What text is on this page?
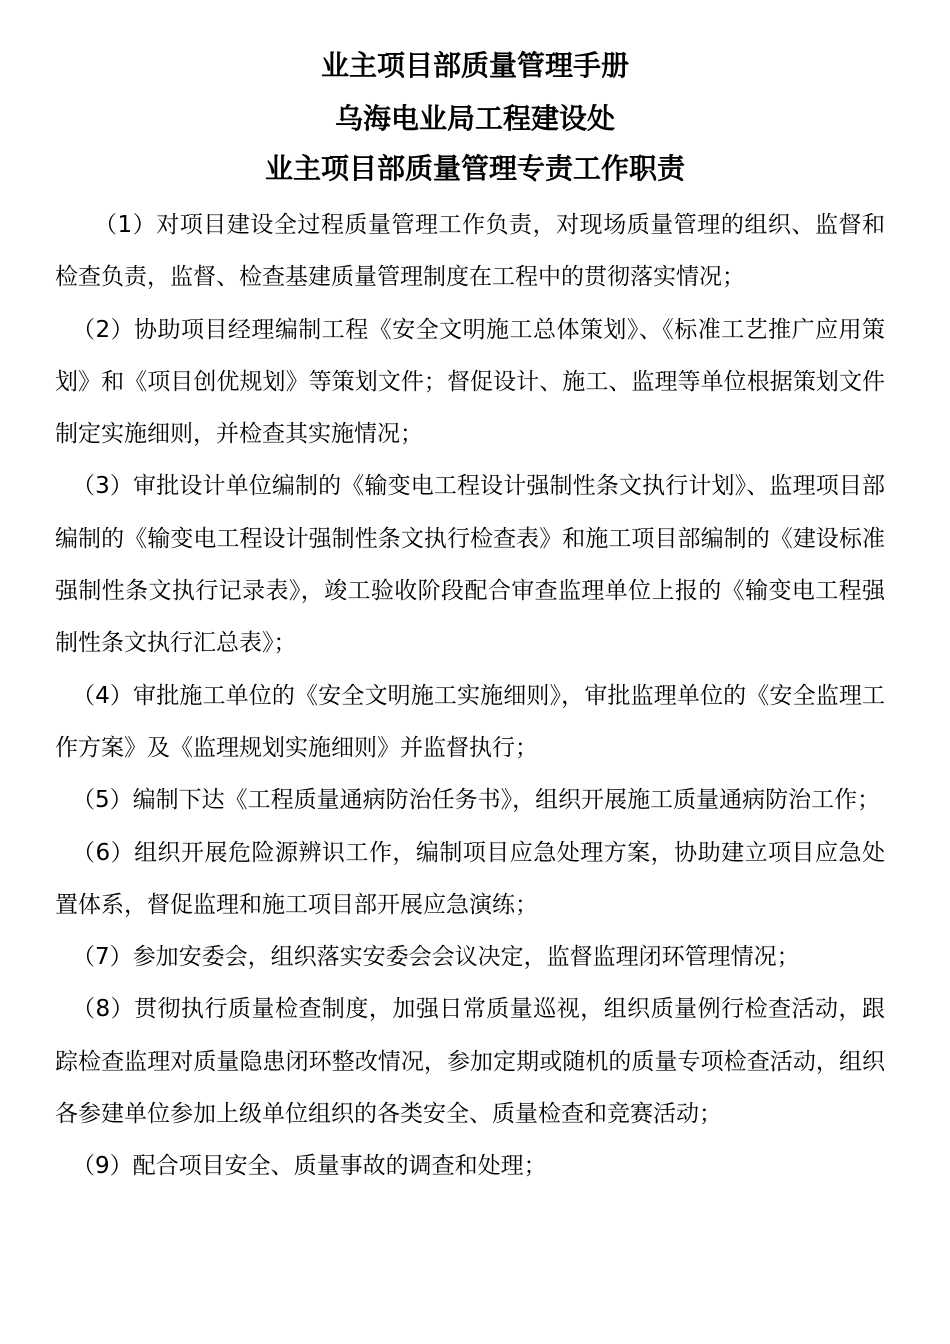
业主项目部质量管理手册
乌海电业局工程建设处
业主项目部质量管理专责工作职责

（1）对项目建设全过程质量管理工作负责，对现场质量管理的组织、监督和检查负责，监督、检查基建质量管理制度在工程中的贯彻落实情况；

（2）协助项目经理编制工程《安全文明施工总体策划》、《标准工艺推广应用策划》和《项目创优规划》等策划文件；督促设计、施工、监理等单位根据策划文件制定实施细则，并检查其实施情况；

（3）审批设计单位编制的《输变电工程设计强制性条文执行计划》、监理项目部编制的《输变电工程设计强制性条文执行检查表》和施工项目部编制的《建设标准强制性条文执行记录表》，竣工验收阶段配合审查监理单位上报的《输变电工程强制性条文执行汇总表》；

（4）审批施工单位的《安全文明施工实施细则》，审批监理单位的《安全监理工作方案》及《监理规划实施细则》并监督执行；

（5）编制下达《工程质量通病防治任务书》，组织开展施工质量通病防治工作；

（6）组织开展危险源辨识工作，编制项目应急处理方案，协助建立项目应急处置体系，督促监理和施工项目部开展应急演练；

（7）参加安委会，组织落实安委会会议决定，监督监理闭环管理情况；

（8）贯彻执行质量检查制度，加强日常质量巡视，组织质量例行检查活动，跟踪检查监理对质量隐患闭环整改情况，参加定期或随机的质量专项检查活动，组织各参建单位参加上级单位组织的各类安全、质量检查和竞赛活动；

（9）配合项目安全、质量事故的调查和处理；
